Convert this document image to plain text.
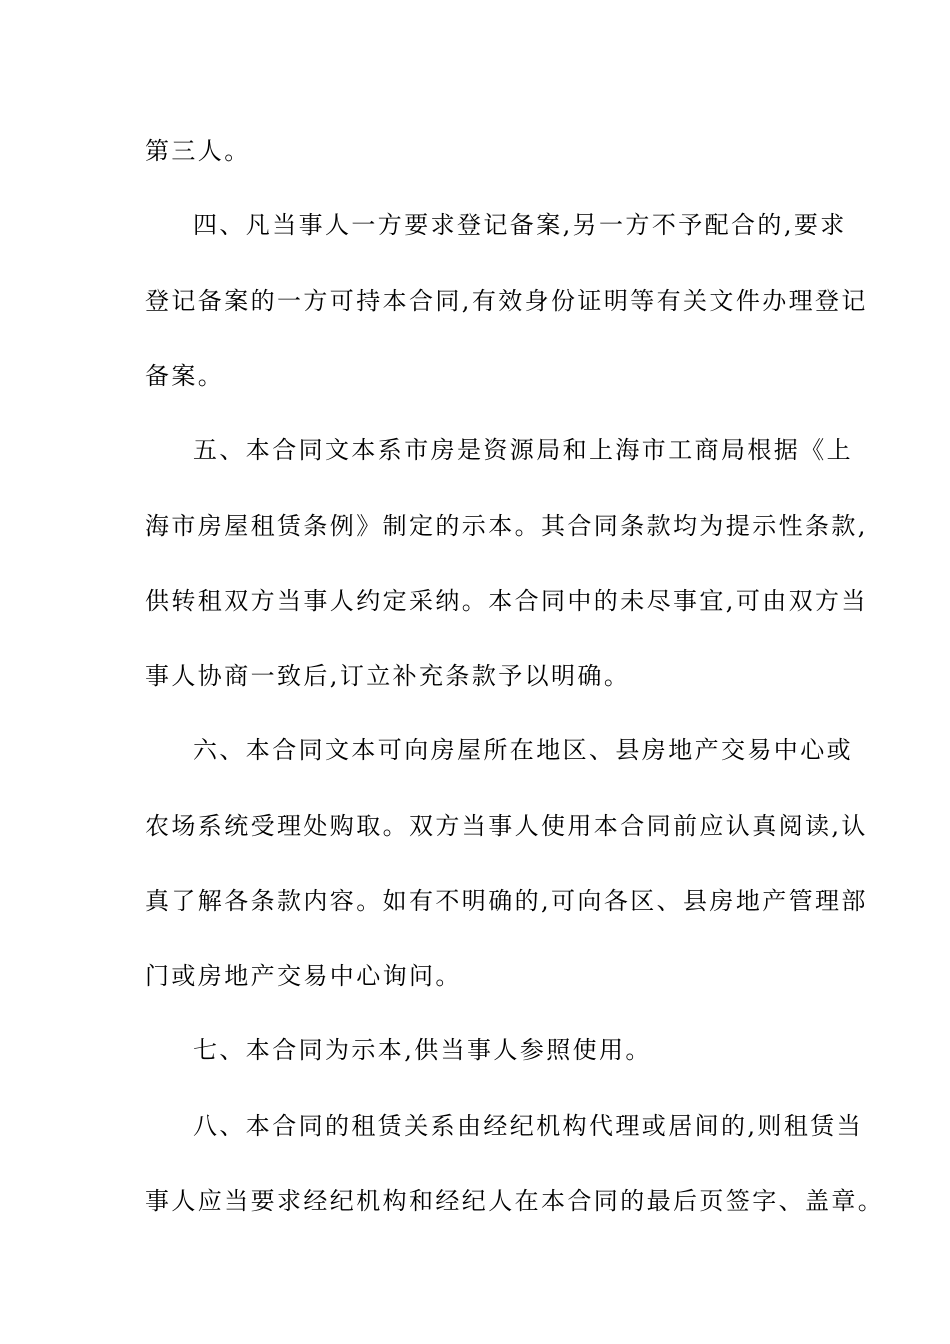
第三人。
四、凡当事人一方要求登记备案,另一方不予配合的,要求
登记备案的一方可持本合同,有效身份证明等有关文件办理登记
备案。
五、本合同文本系市房是资源局和上海市工商局根据《上
海市房屋租赁条例》制定的示本。其合同条款均为提示性条款,
供转租双方当事人约定采纳。本合同中的未尽事宜,可由双方当
事人协商一致后,订立补充条款予以明确。
六、本合同文本可向房屋所在地区、县房地产交易中心或
农场系统受理处购取。双方当事人使用本合同前应认真阅读,认
真了解各条款内容。如有不明确的,可向各区、县房地产管理部
门或房地产交易中心询问。
七、本合同为示本,供当事人参照使用。
八、本合同的租赁关系由经纪机构代理或居间的,则租赁当
事人应当要求经纪机构和经纪人在本合同的最后页签字、盖章。
